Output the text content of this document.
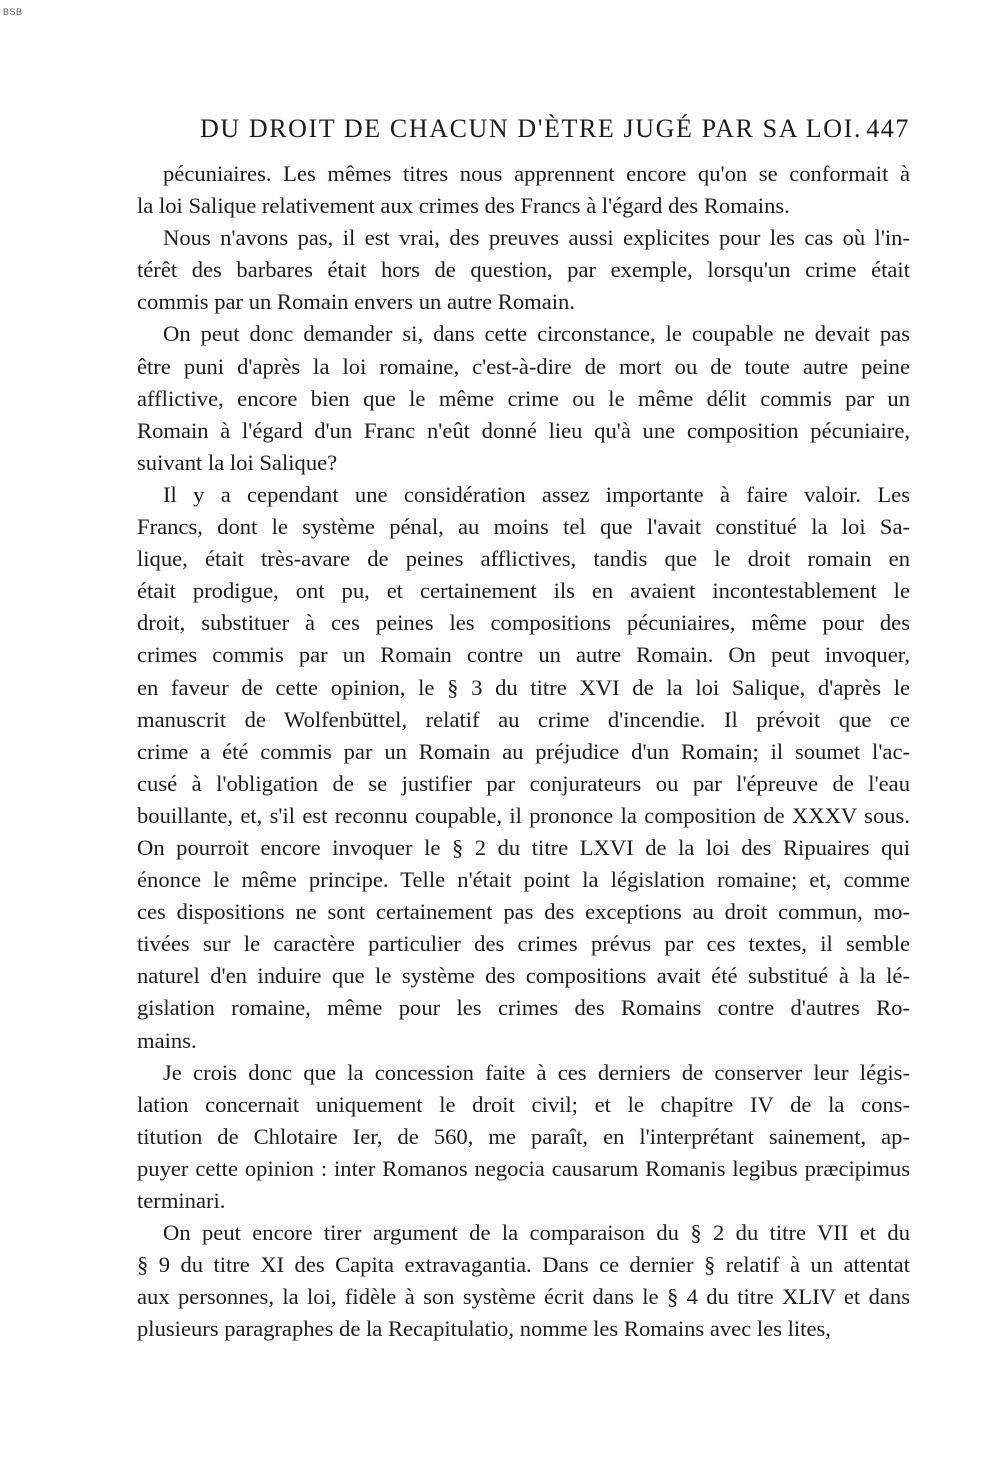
BSB
DU DROIT DE CHACUN D'ÈTRE JUGÉ PAR SA LOI. 447
pécuniaires. Les mêmes titres nous apprennent encore qu'on se conformait à
la loi Salique relativement aux crimes des Francs à l'égard des Romains.
Nous n'avons pas, il est vrai, des preuves aussi explicites pour les cas où l'in-
térêt des barbares était hors de question, par exemple, lorsqu'un crime était
commis par un Romain envers un autre Romain.
On peut donc demander si, dans cette circonstance, le coupable ne devait pas
être puni d'après la loi romaine, c'est-à-dire de mort ou de toute autre peine
afflictive, encore bien que le même crime ou le même délit commis par un
Romain à l'égard d'un Franc n'eût donné lieu qu'à une composition pécuniaire,
suivant la loi Salique?
Il y a cependant une considération assez importante à faire valoir. Les
Francs, dont le système pénal, au moins tel que l'avait constitué la loi Sa-
lique, était très-avare de peines afflictives, tandis que le droit romain en
était prodigue, ont pu, et certainement ils en avaient incontestablement le
droit, substituer à ces peines les compositions pécuniaires, même pour des
crimes commis par un Romain contre un autre Romain. On peut invoquer,
en faveur de cette opinion, le § 3 du titre XVI de la loi Salique, d'après le
manuscrit de Wolfenbüttel, relatif au crime d'incendie. Il prévoit que ce
crime a été commis par un Romain au préjudice d'un Romain; il soumet l'ac-
cusé à l'obligation de se justifier par conjurateurs ou par l'épreuve de l'eau
bouillante, et, s'il est reconnu coupable, il prononce la composition de XXXV sous.
On pourroit encore invoquer le § 2 du titre LXVI de la loi des Ripuaires qui
énonce le même principe. Telle n'était point la législation romaine; et, comme
ces dispositions ne sont certainement pas des exceptions au droit commun, mo-
tivées sur le caractère particulier des crimes prévus par ces textes, il semble
naturel d'en induire que le système des compositions avait été substitué à la lé-
gislation romaine, même pour les crimes des Romains contre d'autres Ro-
mains.
Je crois donc que la concession faite à ces derniers de conserver leur légis-
lation concernait uniquement le droit civil; et le chapitre IV de la cons-
titution de Chlotaire Ier, de 560, me paraît, en l'interprétant sainement, ap-
puyer cette opinion : inter Romanos negocia causarum Romanis legibus præcipimus
terminari.
On peut encore tirer argument de la comparaison du § 2 du titre VII et du
§ 9 du titre XI des Capita extravagantia. Dans ce dernier § relatif à un attentat
aux personnes, la loi, fidèle à son système écrit dans le § 4 du titre XLIV et dans
plusieurs paragraphes de la Recapitulatio, nomme les Romains avec les lites,
